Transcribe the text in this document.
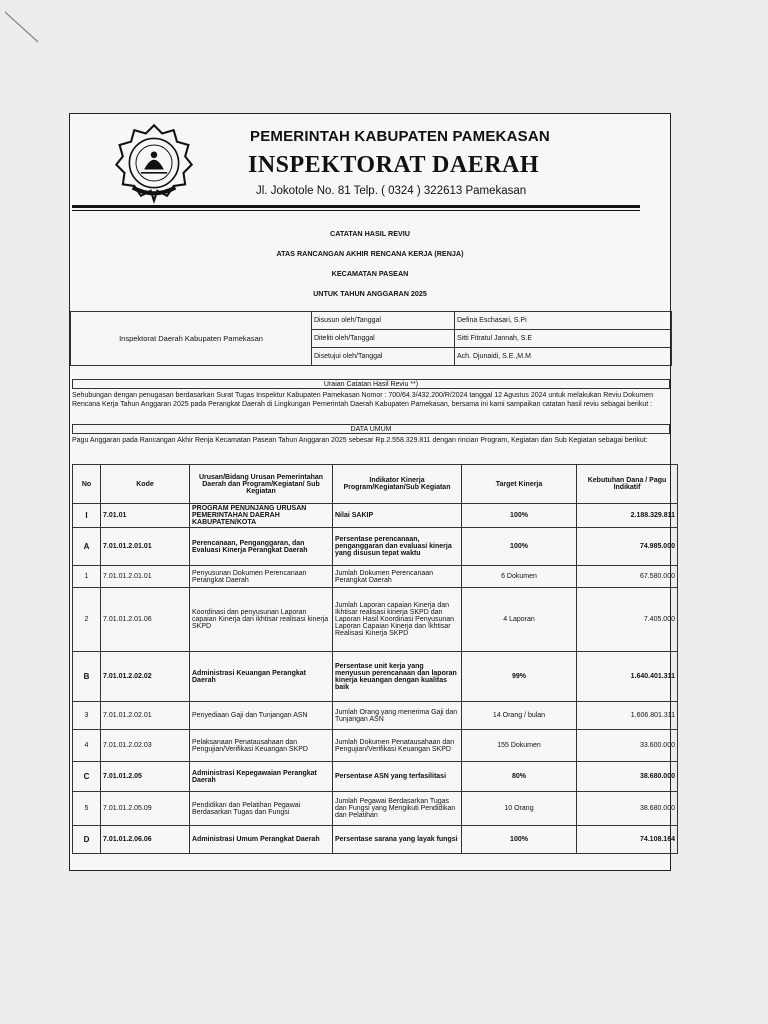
PEMERINTAH KABUPATEN PAMEKASAN
INSPEKTORAT DAERAH
Jl. Jokotole No. 81 Telp. ( 0324 ) 322613 Pamekasan
CATATAN HASIL REVIU
ATAS RANCANGAN AKHIR RENCANA KERJA (RENJA)
KECAMATAN PASEAN
UNTUK TAHUN ANGGARAN 2025
Inspektorat Daerah Kabupaten Pamekasan	Disusun oleh/Tanggal	Defina Eschasari, S.Pi
	Diteliti oleh/Tanggal	Sitti Fitratul Jannah, S.E
	Disetujui oleh/Tanggal	Ach. Djunaidi, S.E.,M.M
Uraian Catatan Hasil Reviu **)
Sehubungan dengan penugasan berdasarkan Surat Tugas Inspektur Kabupaten Pamekasan Nomor : 700/64.3/432.200/R/2024 tanggal 12 Agustus 2024 untuk melakukan Reviu Dokumen Rencana Kerja Tahun Anggaran 2025 pada Perangkat Daerah di Lingkungan Pemerintah Daerah Kabupaten Pamekasan, bersama ini kami sampaikan catatan hasil reviu sebagai berikut :
DATA UMUM
Pagu Anggaran pada Rancangan Akhir Renja Kecamatan Pasean Tahun Anggaran 2025 sebesar Rp.2.558.329.811 dengan rincian Program, Kegiatan dan Sub Kegiatan sebagai berikut:
No	Kode	Urusan/Bidang Urusan Pemerintahan Daerah dan Program/Kegiatan/ Sub Kegiatan	Indikator Kinerja Program/Kegiatan/Sub Kegiatan	Target Kinerja	Kebutuhan Dana / Pagu Indikatif
I	7.01.01	PROGRAM PENUNJANG URUSAN PEMERINTAHAN DAERAH KABUPATEN/KOTA	Nilai SAKIP	100%	2.188.329.811
A	7.01.01.2.01.01	Perencanaan, Penganggaran, dan Evaluasi Kinerja Perangkat Daerah	Persentase perencanaan, penganggaran dan evaluasi kinerja yang disusun tepat waktu	100%	74.985.000
1	7.01.01.2.01.01	Penyusunan Dokumen Perencanaan Perangkat Daerah	Jumlah Dokumen Perencanaan Perangkat Daerah	6 Dokumen	67.580.000
2	7.01.01.2.01.06	Koordinasi dan penyusunan Laporan capaian Kinerja dan ikhtisar realisasi kinerja SKPD	Jumlah Laporan capaian Kinerja dan Ikhtisar realisasi kinerja SKPD dan Laporan Hasil Koordinasi Penyusunan Laporan Capaian Kinerja dan Ikhtisar Realisasi Kinerja SKPD	4 Laporan	7.405.000
B	7.01.01.2.02.02	Administrasi Keuangan Perangkat Daerah	Persentase unit kerja yang menyusun perencanaan dan laporan kinerja keuangan dengan kualitas baik	99%	1.640.401.311
3	7.01.01.2.02.01	Penyediaan Gaji dan Tunjangan ASN	Jumlah Orang yang menerima Gaji dan Tunjangan ASN	14 Orang / bulan	1.606.801.311
4	7.01.01.2.02.03	Pelaksanaan Penatausahaan dan Pengujian/Verifikasi Keuangan SKPD	Jumlah Dokumen Penatausahaan dan Pengujian/Verifikasi Keuangan SKPD	155 Dokumen	33.600.000
C	7.01.01.2.05	Administrasi Kepegawaian Perangkat Daerah	Persentase ASN yang terfasilitasi	80%	38.680.000
5	7.01.01.2.05.09	Pendidikan dan Pelatihan Pegawai Berdasarkan Tugas dan Fungsi	Jumlah Pegawai Berdasarkan Tugas dan Fungsi yang Mengikuti Pendidikan dan Pelatihan	10 Orang	38.680.000
D	7.01.01.2.06.06	Administrasi Umum Perangkat Daerah	Persentase sarana yang layak fungsi	100%	74.108.164
